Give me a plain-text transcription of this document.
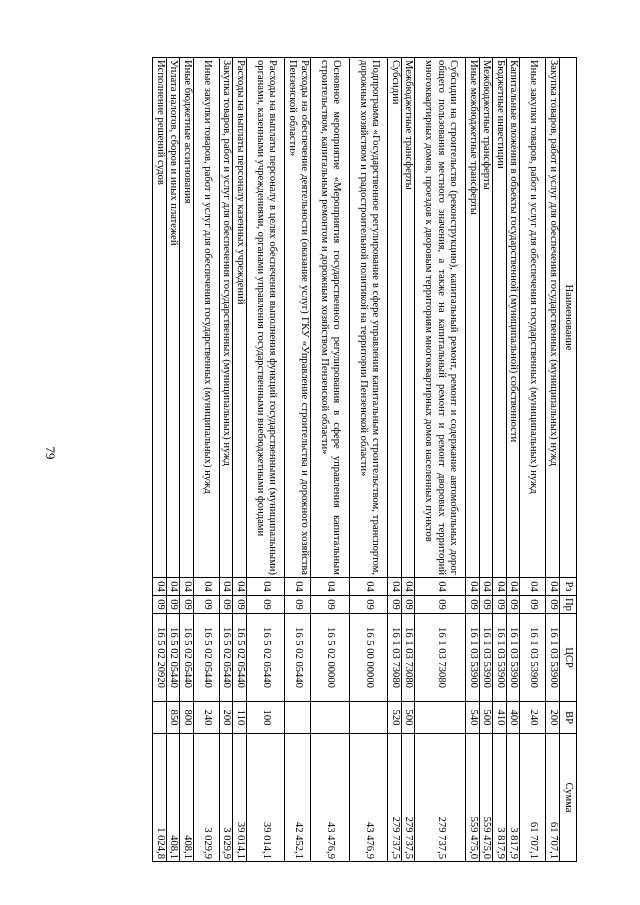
79
Наименование	Рз	Пр	ЦСР	ВР	Сумма
Закупка товаров, работ и услуг для обеспечения государственных (муниципальных) нужд	04	09	16 1 03 53900	200	61 707,1
Иные закупки товаров, работ и услуг для обеспечения государственных (муниципальных) нужд	04	09	16 1 03 53900	240	61 707,1
Капитальные вложения в объекты государственной (муниципальной) собственности	04	09	16 1 03 53900	400	3 817,9
Бюджетные инвестиции	04	09	16 1 03 53900	410	3 817,9
Межбюджетные трансферты	04	09	16 1 03 53900	500	559 475,0
Иные межбюджетные трансферты	04	09	16 1 03 53900	540	559 475,0
Субсидии на строительство (реконструкцию), капитальный ремонт, ремонт и содержание автомобильных дорог общего пользования местного значения, а также на капитальный ремонт и ремонт дворовых территорий многоквартирных домов, проездов к дворовым территориям многоквартирных домов населенных пунктов	04	09	16 1 03 73080		279 737,5
Межбюджетные трансферты	04	09	16 1 03 73080	500	279 737,5
Субсидии	04	09	16 1 03 73080	520	279 737,5
Подпрограмма «Государственное регулирование в сфере управления капитальным строительством, транспортом, дорожным хозяйством и градостроительной политикой на территории Пензенской области»	04	09	16 5 00 00000		43 476,9
Основное мероприятие «Мероприятия государственного регулирования в сфере управления капитальным строительством, капитальным ремонтом и дорожным хозяйством Пензенской области»	04	09	16 5 02 00000		43 476,9
Расходы на обеспечение деятельности (оказание услуг) ГКУ «Управление строительства и дорожного хозяйства Пензенской области»	04	09	16 5 02 05440		42 452,1
Расходы на выплаты персоналу в целях обеспечения выполнения функций государственными (муниципальными) органами, казенными учреждениями, органами управления государственными внебюджетными фондами	04	09	16 5 02 05440	100	39 014,1
Расходы на выплаты персоналу казенных учреждений	04	09	16 5 02 05440	110	39 014,1
Закупка товаров, работ и услуг для обеспечения государственных (муниципальных) нужд	04	09	16 5 02 05440	200	3 029,9
Иные закупки товаров, работ и услуг для обеспечения государственных (муниципальных) нужд	04	09	16 5 02 05440	240	3 029,9
Иные бюджетные ассигнования	04	09	16 5 02 05440	800	408,1
Уплата налогов, сборов и иных платежей	04	09	16 5 02 05440	850	408,1
Исполнение решений судов	04	09	16 5 02 20920		1 024,8
